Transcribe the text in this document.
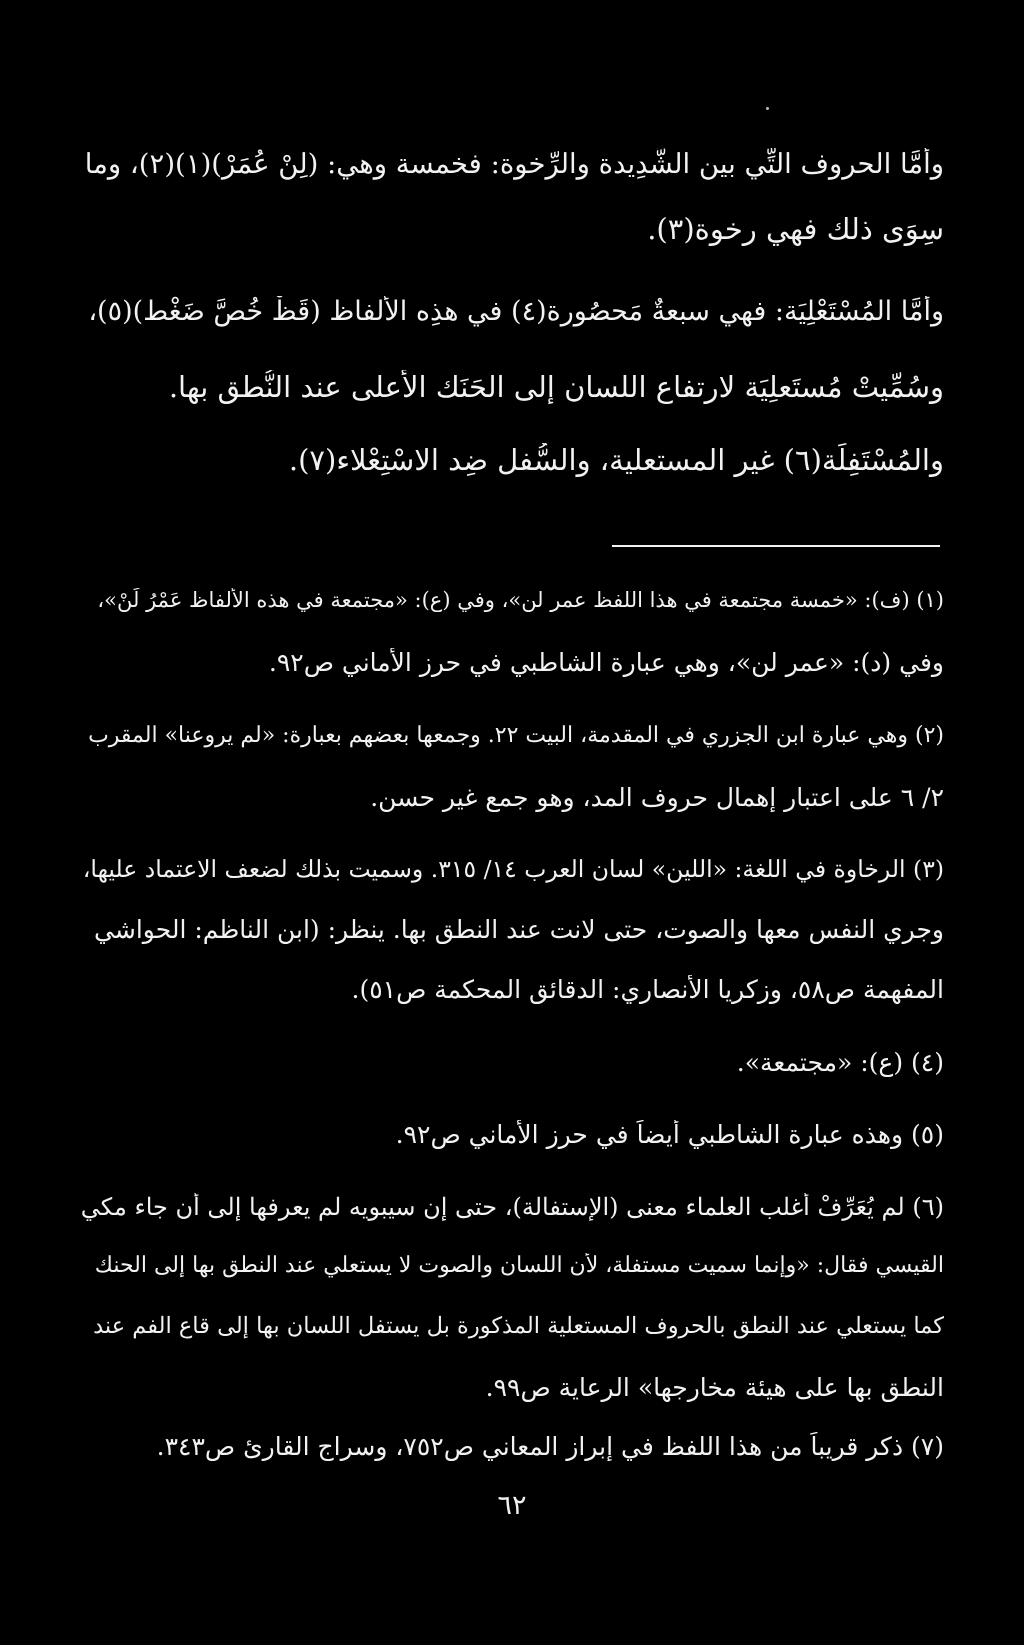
وأمَّا الحروف التِّي بين الشَّدِيدة والرِّخوة: فخمسة وهي: (لِنْ عُمَرْ)(١)(٢)، وما
سِوَى ذلك فهي رِخوة(٣).
وأمَّا المُسْتَعْلِيَة: فهي سبعةٌ مَحصُورة(٤) في هذِه الألفاظ (قَظْ خُصَّ ضَغْط)(٥)،
وسُمِّيتْ مُستَعلِيَة لارتفاع اللسان إلى الحَنَك الأعلى عند النُّطق بها.
والمُسْتَفِلَة(٦) غير المستعلية، والسُّفل ضِد الاسْتِعْلاء(٧).
(١) (ف): «خمسة مجتمعة في هذا اللفظ عمر لن»، وفي (ع): «مجتمعة في هذه الألفاظ عَمْرُ لَنْ»،
وفي (د): «عمر لن»، وهي عبارة الشاطبي في حرز الأماني ص٩٢.
(٢) وهي عبارة ابن الجزري في المقدمة، البيت ٢٢. وجمعها بعضهم بعبارة: «لم يروعنا» المقرب
٢/ ٦ على اعتبار إهمال حروف المد، وهو جمع غير حسن.
(٣) الرخاوة في اللغة: «اللين» لسان العرب ١٤/ ٣١٥. وسميت بذلك لضعف الاعتماد عليها،
وجري النفس معها والصوت، حتى لانت عند النطق بها. ينظر: (ابن الناظم: الحواشي
المفهمة ص٥٨، وزكريا الأنصاري: الدقائق المحكمة ص٥١).
(٤) (ع): «مجتمعة».
(٥) وهذه عبارة الشاطبي أيضاً في حرز الأماني ص٩٢.
(٦) لم يُعَرِّفْ أغلب العلماء معنى (الإستفالة)، حتى إن سيبويه لم يعرفها إلى أن جاء مكي
القيسي فقال: «وإنما سميت مستفلة، لأن اللسان والصوت لا يستعلي عند النطق بها إلى الحنك
كما يستعلي عند النطق بالحروف المستعلية المذكورة بل يستفل اللسان بها إلى قاع الفم عند
النطق بها على هيئة مخارجها» الرعاية ص٩٩.
(٧) ذكر قريباً من هذا اللفظ في إبراز المعاني ص٧٥٢، وسراج القارئ ص٣٤٣.
٦٢
